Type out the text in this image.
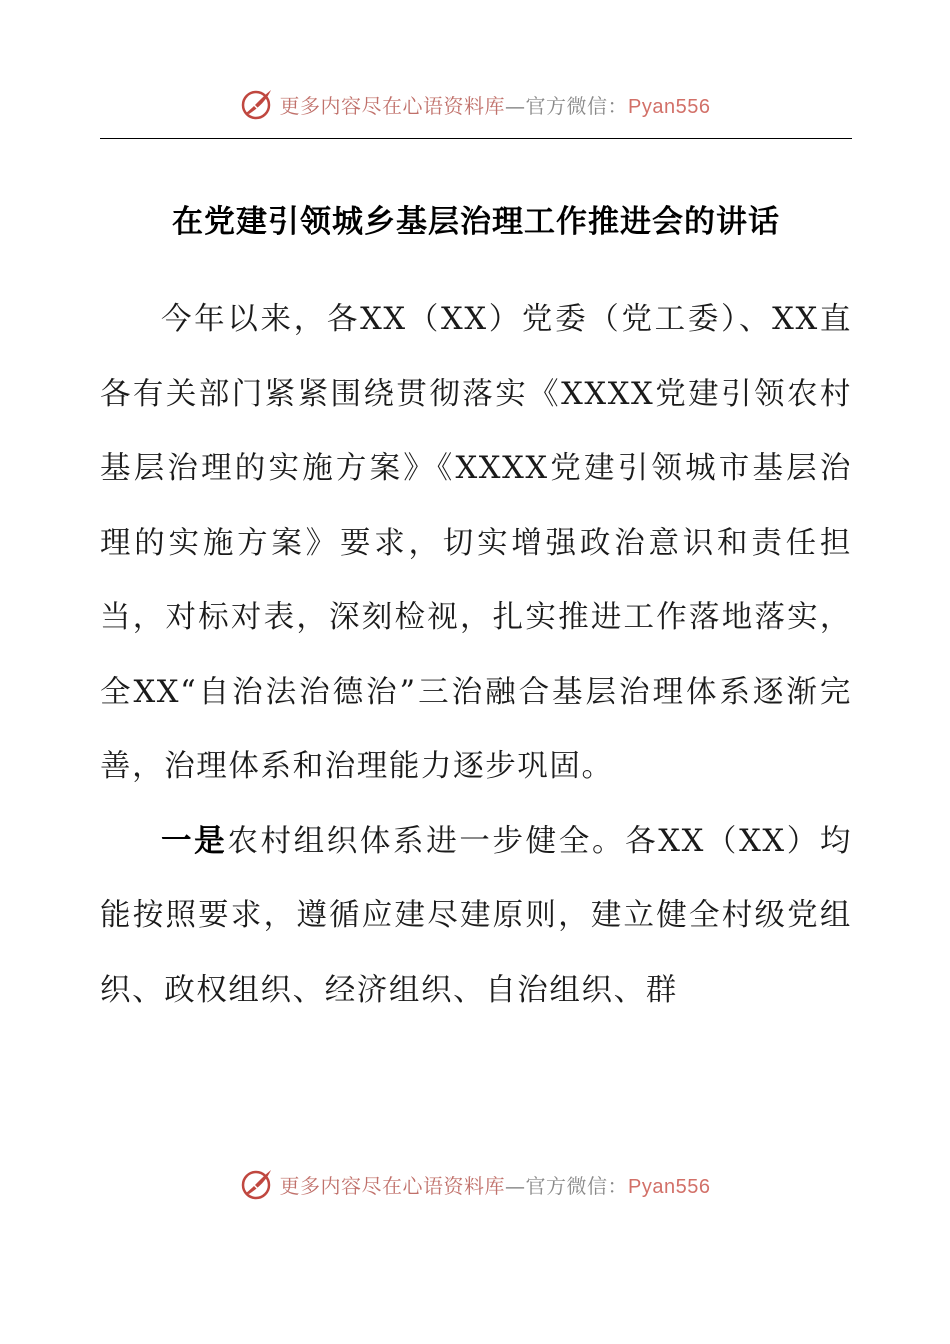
更多内容尽在心语资料库—官方微信：Pyan556
在党建引领城乡基层治理工作推进会的讲话

今年以来，各XX（XX）党委（党工委）、XX直各有关部门紧紧围绕贯彻落实《XXXX党建引领农村基层治理的实施方案》《XXXX党建引领城市基层治理的实施方案》要求，切实增强政治意识和责任担当，对标对表，深刻检视，扎实推进工作落地落实，全XX“自治法治德治”三治融合基层治理体系逐渐完善，治理体系和治理能力逐步巩固。

一是农村组织体系进一步健全。各XX（XX）均能按照要求，遵循应建尽建原则，建立健全村级党组织、政权组织、经济组织、自治组织、群

更多内容尽在心语资料库—官方微信：Pyan556
